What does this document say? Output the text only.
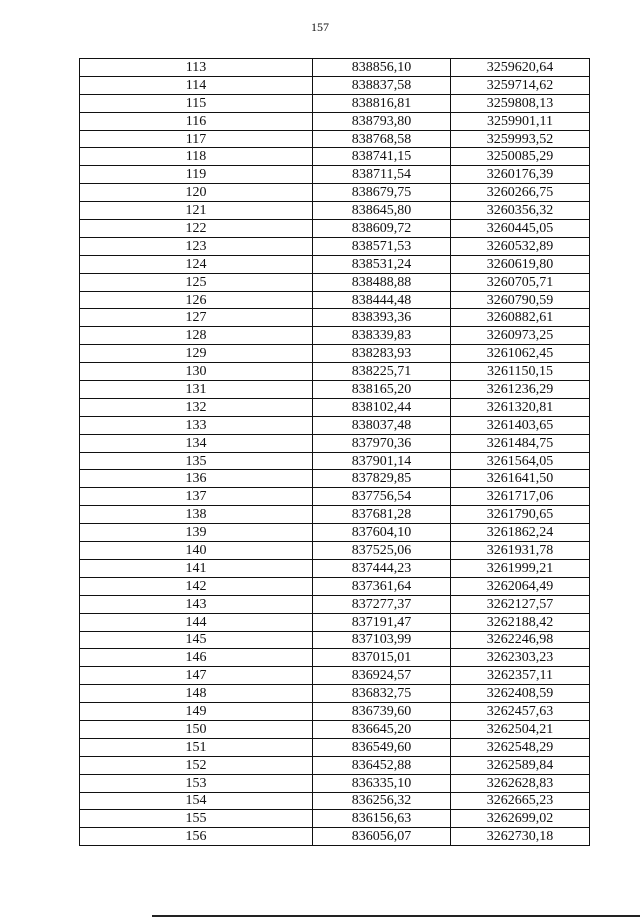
157
113	838856,10	3259620,64
114	838837,58	3259714,62
115	838816,81	3259808,13
116	838793,80	3259901,11
117	838768,58	3259993,52
118	838741,15	3250085,29
119	838711,54	3260176,39
120	838679,75	3260266,75
121	838645,80	3260356,32
122	838609,72	3260445,05
123	838571,53	3260532,89
124	838531,24	3260619,80
125	838488,88	3260705,71
126	838444,48	3260790,59
127	838393,36	3260882,61
128	838339,83	3260973,25
129	838283,93	3261062,45
130	838225,71	3261150,15
131	838165,20	3261236,29
132	838102,44	3261320,81
133	838037,48	3261403,65
134	837970,36	3261484,75
135	837901,14	3261564,05
136	837829,85	3261641,50
137	837756,54	3261717,06
138	837681,28	3261790,65
139	837604,10	3261862,24
140	837525,06	3261931,78
141	837444,23	3261999,21
142	837361,64	3262064,49
143	837277,37	3262127,57
144	837191,47	3262188,42
145	837103,99	3262246,98
146	837015,01	3262303,23
147	836924,57	3262357,11
148	836832,75	3262408,59
149	836739,60	3262457,63
150	836645,20	3262504,21
151	836549,60	3262548,29
152	836452,88	3262589,84
153	836335,10	3262628,83
154	836256,32	3262665,23
155	836156,63	3262699,02
156	836056,07	3262730,18
